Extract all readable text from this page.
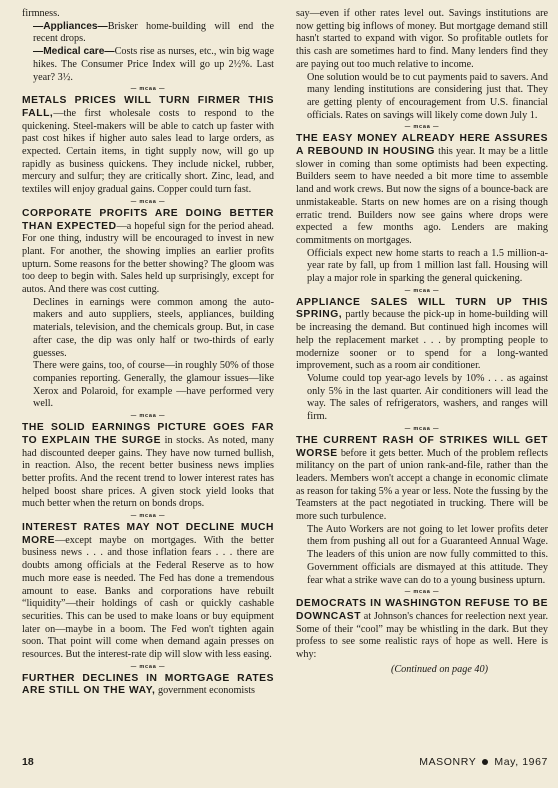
firmness.

—Appliances—Brisker home-building will end the recent drops.

—Medical care—Costs rise as nurses, etc., win big wage hikes. The Consumer Price Index will go up 2½%. Last year? 3½.

— mcaa —

METALS PRICES WILL TURN FIRMER THIS FALL,—the first wholesale costs to respond to the quickening. Steel-makers will be able to catch up faster with past cost hikes if higher auto sales lead to large orders, as expected. Certain items, in tight supply now, will go up rapidly as business quickens. They include nickel, rubber, mercury and sulfur; they are critically short. Zinc, lead, and textiles will enjoy gradual gains. Copper could turn fast.

— mcaa —

CORPORATE PROFITS ARE DOING BETTER THAN EXPECTED—a hopeful sign for the period ahead. For one thing, industry will be encouraged to invest in new plant. For another, the showing implies an earlier profits upturn. Some reasons for the better showing? The gloom was too deep to begin with. Sales held up surprisingly, except for autos. And there was cost cutting.

Declines in earnings were common among the auto-makers and auto suppliers, steels, appliances, building materials, television, and the chemicals group. But, in case after case, the dip was only half or two-thirds of early guesses.

There were gains, too, of course—in roughly 50% of those companies reporting. Generally, the glamour issues—like Xerox and Polaroid, for example —have performed very well.

— mcaa —

THE SOLID EARNINGS PICTURE GOES FAR TO EXPLAIN THE SURGE in stocks. As noted, many had discounted deeper gains. They have now turned bullish, in reaction. Also, the recent better business news implies better profits. And the recent trend to lower interest rates has helped boost share prices. A given stock yield looks that much better when the return on bonds drops.

— mcaa —

INTEREST RATES MAY NOT DECLINE MUCH MORE—except maybe on mortgages. With the better business news . . . and those inflation fears . . . there are doubts among officials at the Federal Reserve as to how much more ease is needed. The Fed has done a tremendous amount to ease. Banks and corporations have rebuilt “liquidity”—their holdings of cash or quickly cashable securities. This can be used to make loans or buy equipment later on—maybe in a boom. The Fed won't tighten again soon. That point will come when demand again presses on resources. But the interest-rate dip will slow with less easing.

— mcaa —

FURTHER DECLINES IN MORTGAGE RATES ARE STILL ON THE WAY, government economists

say—even if other rates level out. Savings institutions are now getting big inflows of money. But mortgage demand still hasn't started to expand with vigor. So profitable outlets for this cash are sometimes hard to find. Many lenders find they are paying out too much relative to income.

One solution would be to cut payments paid to savers. And many lending institutions are considering just that. They are getting plenty of encouragement from U.S. financial officials. Rates on savings will likely come down July 1.

— mcaa —

THE EASY MONEY ALREADY HERE ASSURES A REBOUND IN HOUSING this year. It may be a little slower in coming than some optimists had been expecting. Builders seem to have needed a bit more time to assemble land and work crews. But now the signs of a bounce-back are unmistakeable. Starts on new homes are on a rising though erratic trend. Builders now see gains where drops were expected a few months ago. Lenders are making commitments on mortgages.

Officials expect new home starts to reach a 1.5 million-a-year rate by fall, up from 1 million last fall. Housing will play a major role in sparking the general quickening.

— mcaa —

APPLIANCE SALES WILL TURN UP THIS SPRING, partly because the pick-up in home-building will be increasing the demand. But continued high incomes will help the replacement market . . . by prompting people to modernize sooner or to spend for a long-wanted improvement, such as a room air conditioner.

Volume could top year-ago levels by 10% . . . as against only 5% in the last quarter. Air conditioners will lead the way. The sales of refrigerators, washers, and ranges will firm.

— mcaa —

THE CURRENT RASH OF STRIKES WILL GET WORSE before it gets better. Much of the problem reflects militancy on the part of union rank-and-file, rather than the leaders. Members won't accept a change in economic climate as reason for taking 5% a year or less. Note the fussing by the Teamsters at the pact negotiated in trucking. There will be more such turbulence.

The Auto Workers are not going to let lower profits deter them from pushing all out for a Guaranteed Annual Wage. The leaders of this union are now fully committed to this. Government officials are dismayed at this attitude. They fear what a strike wave can do to a young business upturn.

— mcaa —

DEMOCRATS IN WASHINGTON REFUSE TO BE DOWNCAST at Johnson's chances for reelection next year. Some of their “cool” may be whistling in the dark. But they profess to see some realistic rays of hope as well. Here is why:

(Continued on page 40)

18	MASONRY May, 1967
